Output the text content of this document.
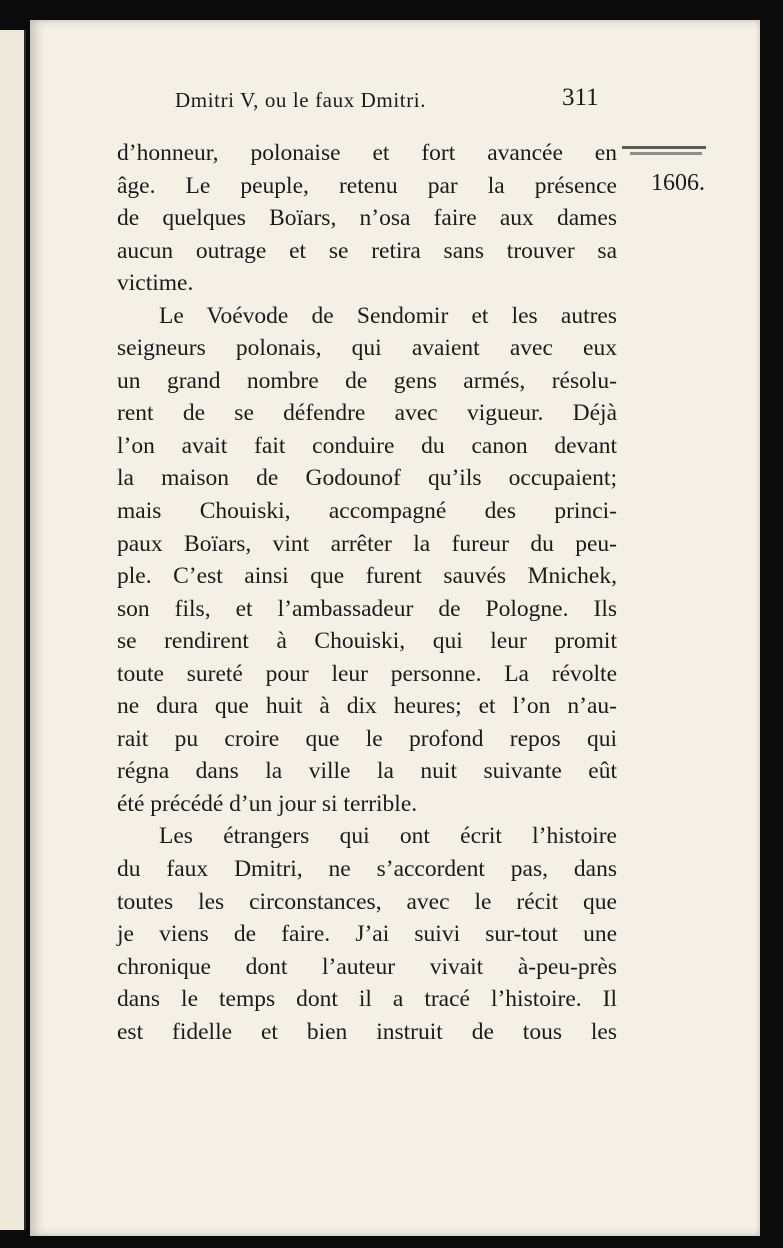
Dmitri V, ou le faux Dmitri.	311
1606.
d’honneur, polonaise et fort avancée en
âge. Le peuple, retenu par la présence
de quelques Boïars, n’osa faire aux dames
aucun outrage et se retira sans trouver sa
victime.
Le Voévode de Sendomir et les autres
seigneurs polonais, qui avaient avec eux
un grand nombre de gens armés, résolu-
rent de se défendre avec vigueur. Déjà
l’on avait fait conduire du canon devant
la maison de Godounof qu’ils occupaient;
mais Chouiski, accompagné des princi-
paux Boïars, vint arrêter la fureur du peu-
ple. C’est ainsi que furent sauvés Mnichek,
son fils, et l’ambassadeur de Pologne. Ils
se rendirent à Chouiski, qui leur promit
toute sureté pour leur personne. La révolte
ne dura que huit à dix heures; et l’on n’au-
rait pu croire que le profond repos qui
régna dans la ville la nuit suivante eût
été précédé d’un jour si terrible.
Les étrangers qui ont écrit l’histoire
du faux Dmitri, ne s’accordent pas, dans
toutes les circonstances, avec le récit que
je viens de faire. J’ai suivi sur-tout une
chronique dont l’auteur vivait à-peu-près
dans le temps dont il a tracé l’histoire. Il
est fidelle et bien instruit de tous les
